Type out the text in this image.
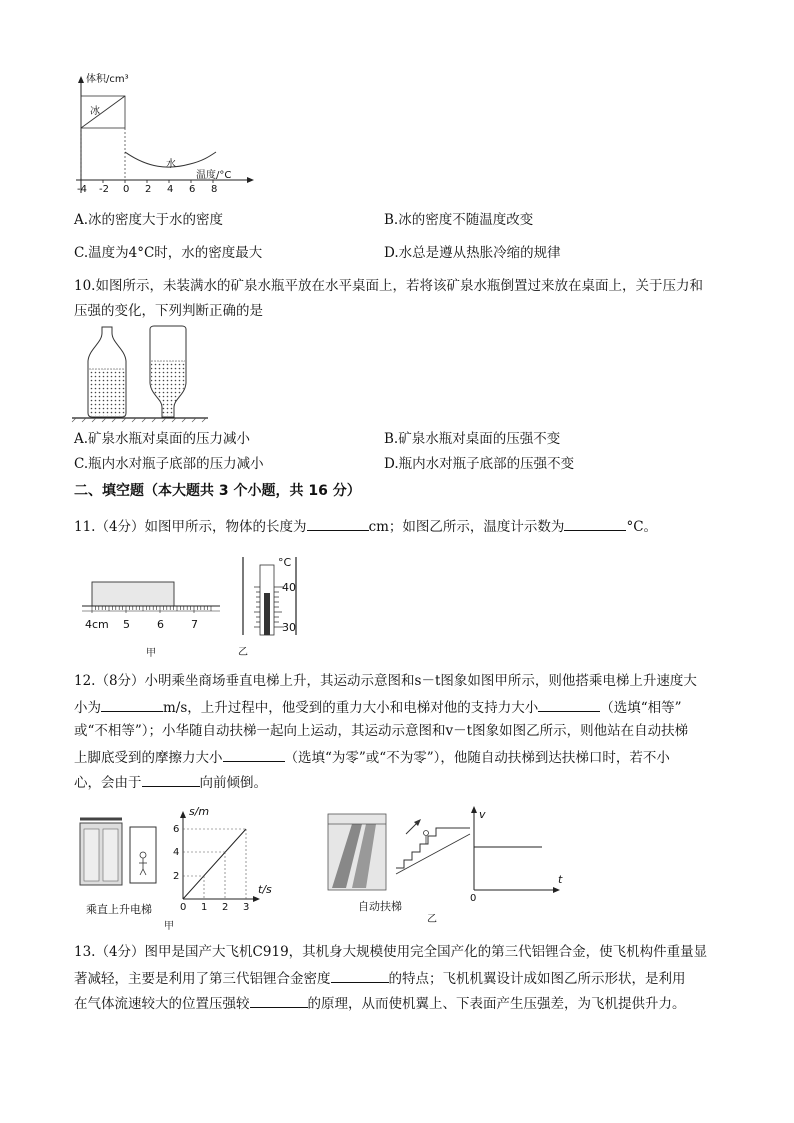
体积/cm³
冰
水
温度/°C
-4 -2 0 2 4 6 8
A.冰的密度大于水的密度	B.冰的密度不随温度改变
C.温度为4°C时，水的密度最大	D.水总是遵从热胀冷缩的规律
10.如图所示，未装满水的矿泉水瓶平放在水平桌面上，若将该矿泉水瓶倒置过来放在桌面上，关于压力和
压强的变化，下列判断正确的是
A.矿泉水瓶对桌面的压力减小	B.矿泉水瓶对桌面的压强不变
C.瓶内水对瓶子底部的压力减小	D.瓶内水对瓶子底部的压强不变
二、填空题（本大题共 3 个小题，共 16 分）
11.（4分）如图甲所示，物体的长度为	cm；如图乙所示，温度计示数为	°C。
4cm 5 6 7
甲
°C
40
30
乙
12.（8分）小明乘坐商场垂直电梯上升，其运动示意图和s－t图象如图甲所示，则他搭乘电梯上升速度大
小为	m/s，上升过程中，他受到的重力大小和电梯对他的支持力大小	（选填“相等”
或“不相等”）；小华随自动扶梯一起向上运动，其运动示意图和v－t图象如图乙所示，则他站在自动扶梯
上脚底受到的摩擦力大小	（选填“为零”或“不为零”），他随自动扶梯到达扶梯口时，若不小
心，会由于	向前倾倒。
s/m
6
4
2
t/s
0 1 2 3
乘直上升电梯
甲
v
t
0
自动扶梯
乙
13.（4分）图甲是国产大飞机C919，其机身大规模使用完全国产化的第三代铝锂合金，使飞机构件重量显
著减轻，主要是利用了第三代铝锂合金密度	的特点；飞机机翼设计成如图乙所示形状，是利用
在气体流速较大的位置压强较	的原理，从而使机翼上、下表面产生压强差，为飞机提供升力。
